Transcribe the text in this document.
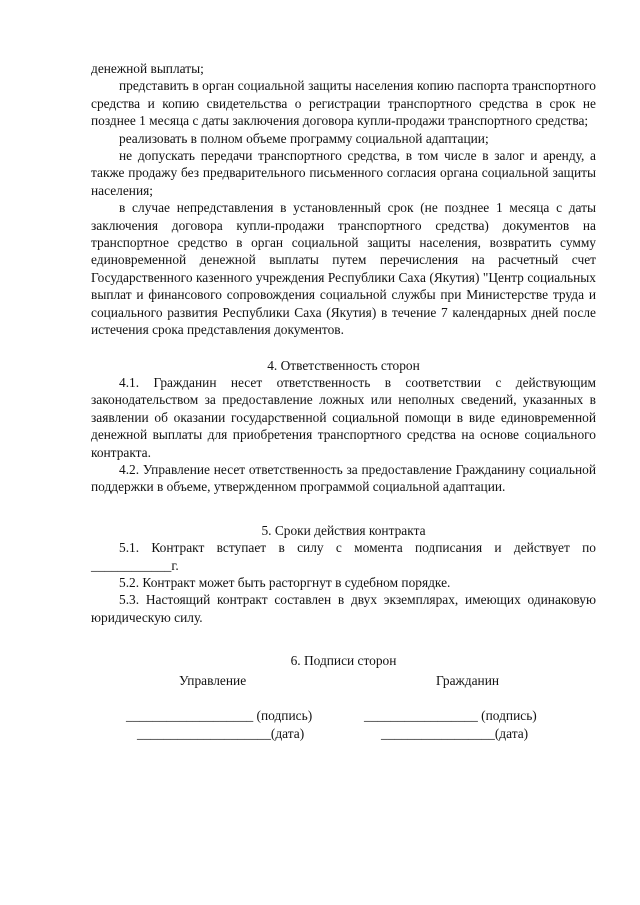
денежной выплаты;

представить в орган социальной защиты населения копию паспорта транспортного средства и копию свидетельства о регистрации транспортного средства в срок не позднее 1 месяца с даты заключения договора купли-продажи транспортного средства;

реализовать в полном объеме программу социальной адаптации;

не допускать передачи транспортного средства, в том числе в залог и аренду, а также продажу без предварительного письменного согласия органа социальной защиты населения;

в случае непредставления в установленный срок (не позднее 1 месяца с даты заключения договора купли-продажи транспортного средства) документов на транспортное средство в орган социальной защиты населения, возвратить сумму единовременной денежной выплаты путем перечисления на расчетный счет Государственного казенного учреждения Республики Саха (Якутия) "Центр социальных выплат и финансового сопровождения социальной службы при Министерстве труда и социального развития Республики Саха (Якутия) в течение 7 календарных дней после истечения срока представления документов.

4. Ответственность сторон

4.1. Гражданин несет ответственность в соответствии с действующим законодательством за предоставление ложных или неполных сведений, указанных в заявлении об оказании государственной социальной помощи в виде единовременной денежной выплаты для приобретения транспортного средства на основе социального контракта.

4.2. Управление несет ответственность за предоставление Гражданину социальной поддержки в объеме, утвержденном программой социальной адаптации.

5. Сроки действия контракта

5.1. Контракт вступает в силу с момента подписания и действует по ____________г.

5.2. Контракт может быть расторгнут в судебном порядке.

5.3. Настоящий контракт составлен в двух экземплярах, имеющих одинаковую юридическую силу.

6. Подписи сторон

Управление	Гражданин
___________________ (подпись)	_________________ (подпись)
____________________(дата)	_________________(дата)
